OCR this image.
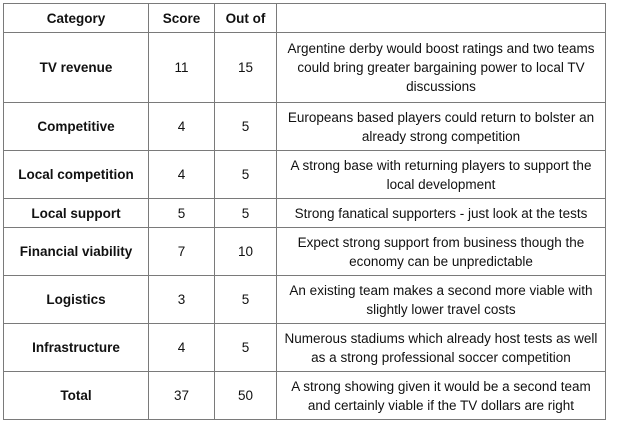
Category	Score	Out of	
TV revenue	11	15	Argentine derby would boost ratings and two teams could bring greater bargaining power to local TV discussions
Competitive	4	5	Europeans based players could return to bolster an already strong competition
Local competition	4	5	A strong base with returning players to support the local development
Local support	5	5	Strong fanatical supporters - just look at the tests
Financial viability	7	10	Expect strong support from business though the economy can be unpredictable
Logistics	3	5	An existing team makes a second more viable with slightly lower travel costs
Infrastructure	4	5	Numerous stadiums which already host tests as well as a strong professional soccer competition
Total	37	50	A strong showing given it would be a second team and certainly viable if the TV dollars are right
